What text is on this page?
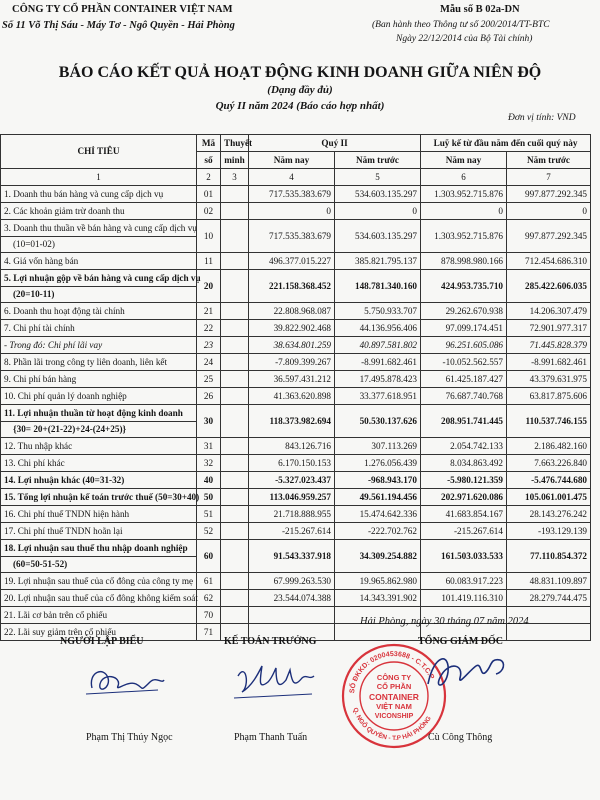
CÔNG TY CỔ PHẦN CONTAINER VIỆT NAM
Số 11 Võ Thị Sáu - Máy Tơ - Ngô Quyền - Hải Phòng
Mẫu số B 02a-DN
(Ban hành theo Thông tư số 200/2014/TT-BTC
Ngày 22/12/2014 của Bộ Tài chính)
BÁO CÁO KẾT QUẢ HOẠT ĐỘNG KINH DOANH GIỮA NIÊN ĐỘ
(Dạng đầy đủ)
Quý II năm 2024 (Báo cáo hợp nhất)
Đơn vị tính: VND
CHỈ TIÊU	Mã	Thuyết	Quý II		Luỹ kế từ đầu năm đến cuối quý này	
	số	minh	Năm nay	Năm trước	Năm nay	Năm trước
1	2	3	4	5	6	7
1. Doanh thu bán hàng và cung cấp dịch vụ	01		717.535.383.679	534.603.135.297	1.303.952.715.876	997.877.292.345
2. Các khoản giảm trừ doanh thu	02		0	0	0	0
3. Doanh thu thuần về bán hàng và cung cấp dịch vụ	10		717.535.383.679	534.603.135.297	1.303.952.715.876	997.877.292.345
(10=01-02)						
4. Giá vốn hàng bán	11		496.377.015.227	385.821.795.137	878.998.980.166	712.454.686.310
5. Lợi nhuận gộp về bán hàng và cung cấp dịch vụ	20		221.158.368.452	148.781.340.160	424.953.735.710	285.422.606.035
(20=10-11)						
6. Doanh thu hoạt động tài chính	21		22.808.968.087	5.750.933.707	29.262.670.938	14.206.307.479
7. Chi phí tài chính	22		39.822.902.468	44.136.956.406	97.099.174.451	72.901.977.317
- Trong đó: Chi phí lãi vay	23		38.634.801.259	40.897.581.802	96.251.605.086	71.445.828.379
8. Phần lãi trong công ty liên doanh, liên kết	24		-7.809.399.267	-8.991.682.461	-10.052.562.557	-8.991.682.461
9. Chi phí bán hàng	25		36.597.431.212	17.495.878.423	61.425.187.427	43.379.631.975
10. Chi phí quản lý doanh nghiệp	26		41.363.620.898	33.377.618.951	76.687.740.768	63.817.875.606
11. Lợi nhuận thuần từ hoạt động kinh doanh	30		118.373.982.694	50.530.137.626	208.951.741.445	110.537.746.155
{30= 20+(21-22)+24-(24+25)}						
12. Thu nhập khác	31		843.126.716	307.113.269	2.054.742.133	2.186.482.160
13. Chi phí khác	32		6.170.150.153	1.276.056.439	8.034.863.492	7.663.226.840
14. Lợi nhuận khác (40=31-32)	40		-5.327.023.437	-968.943.170	-5.980.121.359	-5.476.744.680
15. Tổng lợi nhuận kế toán trước thuế (50=30+40)	50		113.046.959.257	49.561.194.456	202.971.620.086	105.061.001.475
16. Chi phí thuế TNDN hiện hành	51		21.718.888.955	15.474.642.336	41.683.854.167	28.143.276.242
17. Chi phí thuế TNDN hoãn lại	52		-215.267.614	-222.702.762	-215.267.614	-193.129.139
18. Lợi nhuận sau thuế thu nhập doanh nghiệp	60		91.543.337.918	34.309.254.882	161.503.033.533	77.110.854.372
(60=50-51-52)						
19. Lợi nhuận sau thuế của cổ đông của công ty mẹ	61		67.999.263.530	19.965.862.980	60.083.917.223	48.831.109.897
20. Lợi nhuận sau thuế của cổ đông không kiểm soát	62		23.544.074.388	14.343.391.902	101.419.116.310	28.279.744.475
21. Lãi cơ bản trên cổ phiếu	70					
22. Lãi suy giảm trên cổ phiếu	71					
Hải Phòng, ngày 30 tháng 07 năm 2024
NGƯỜI LẬP BIỂU	KẾ TOÁN TRƯỞNG	TỔNG GIÁM ĐỐC
SỐ ĐKKD: 0200453688 - C.T.C.P
Q. NGÔ QUYỀN - T.P HẢI PHÒNG
CÔNG TY
CỔ PHẦN
CONTAINER
VIỆT NAM
VICONSHIP
Phạm Thị Thúy Ngọc	Phạm Thanh Tuấn	Cù Công Thông
